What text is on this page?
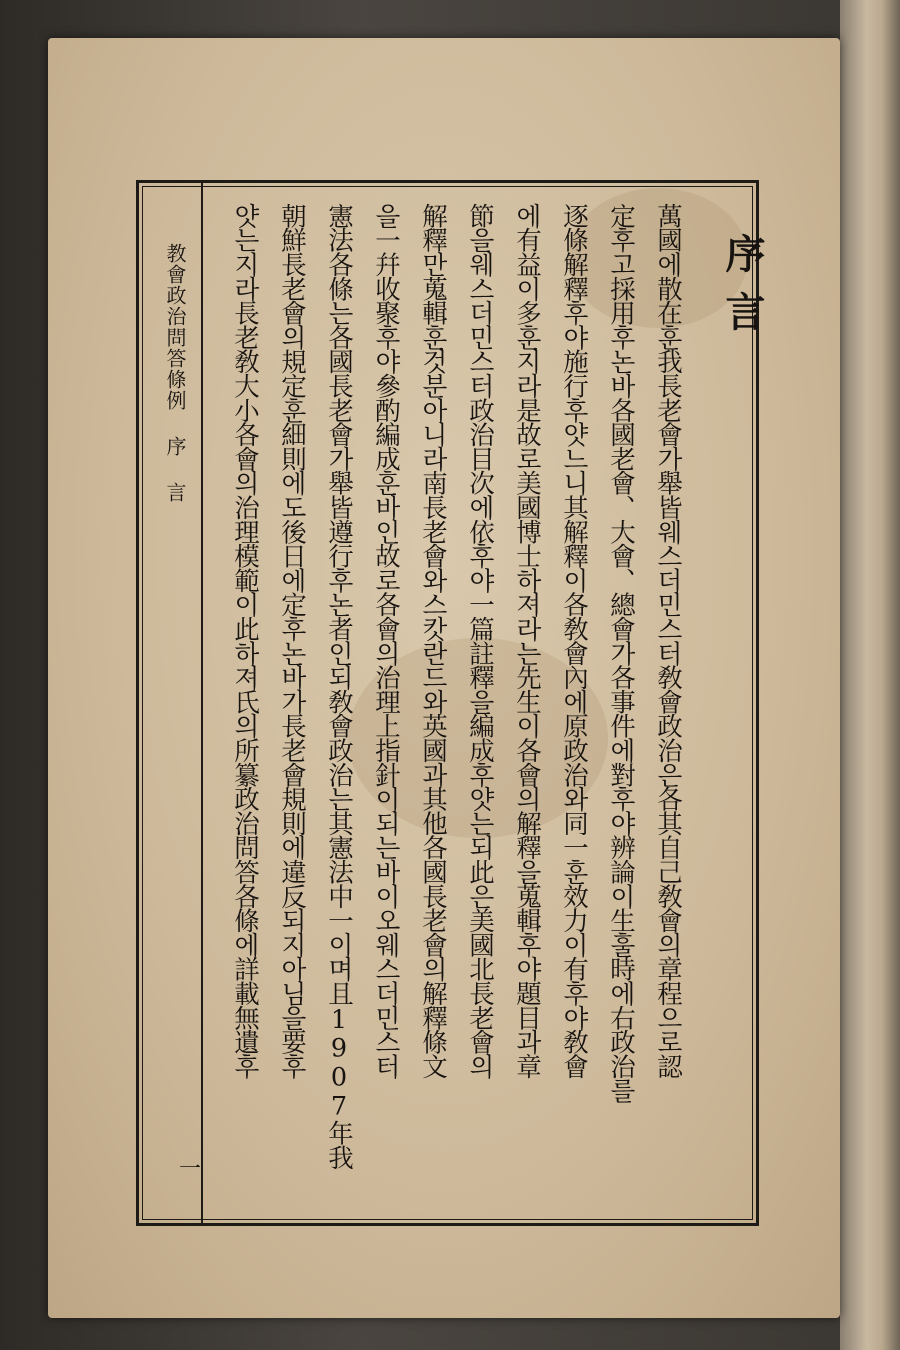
序言
萬國에散在훈我長老會가舉皆웨스더민스터敎會政治은各其自己敎會의章程으로認
定후고採用후논바各國老會、大會、總會가各事件에對후야辨論이生훌時에右政治를
逐條解釋후야施行후얏느니其解釋이各敎會內에原政治와同一훈效力이有후야敎會
에有益이多훈지라是故로美國博士하져라는先生이各會의解釋을蒐輯후야題目과章
節을웨스더민스터政治目次에依후야一篇註釋을編成후얏는되此은美國北長老會의
解釋만蒐輯훈것분아니라南長老會와스캇란드와英國과其他各國長老會의解釋條文
을一幷收聚후야參酌編成훈바인故로各會의治理上指針이되는바이오웨스더민스터
憲法各條는各國長老會가舉皆遵行후논者인되敎會政治는其憲法中一이며且1907年我
朝鮮長老會의規定훈細則에도後日에定후논바가長老會規則에違反되지아님을要후
얏는지라長老敎大小各會의治理模範이此하져氏의所纂政治問答各條에詳載無遺후
教會政治問答條例 序 言
一
